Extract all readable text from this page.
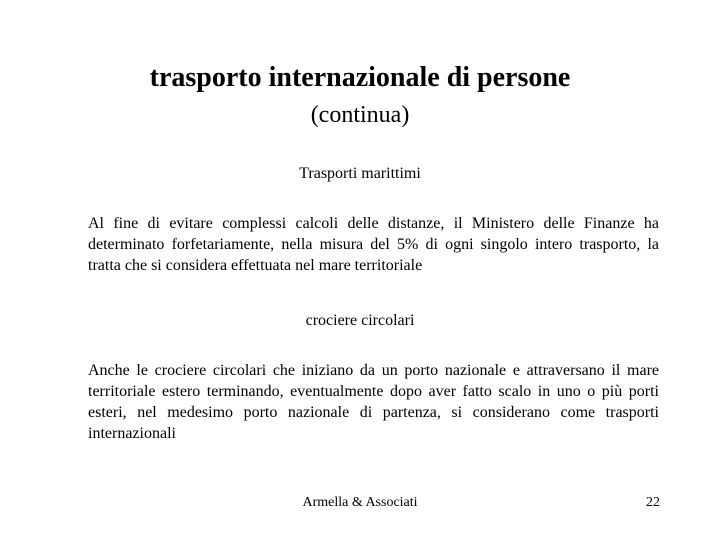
trasporto internazionale di persone
(continua)
Trasporti marittimi
Al fine di evitare complessi calcoli delle distanze, il Ministero delle Finanze ha determinato forfetariamente, nella misura del 5% di ogni singolo intero trasporto, la tratta che si considera effettuata nel mare territoriale
crociere circolari
Anche le crociere circolari che iniziano da un porto nazionale e attraversano il mare territoriale estero terminando, eventualmente dopo aver fatto scalo in uno o più porti esteri, nel medesimo porto nazionale di partenza, si considerano come trasporti internazionali
Armella & Associati	22
